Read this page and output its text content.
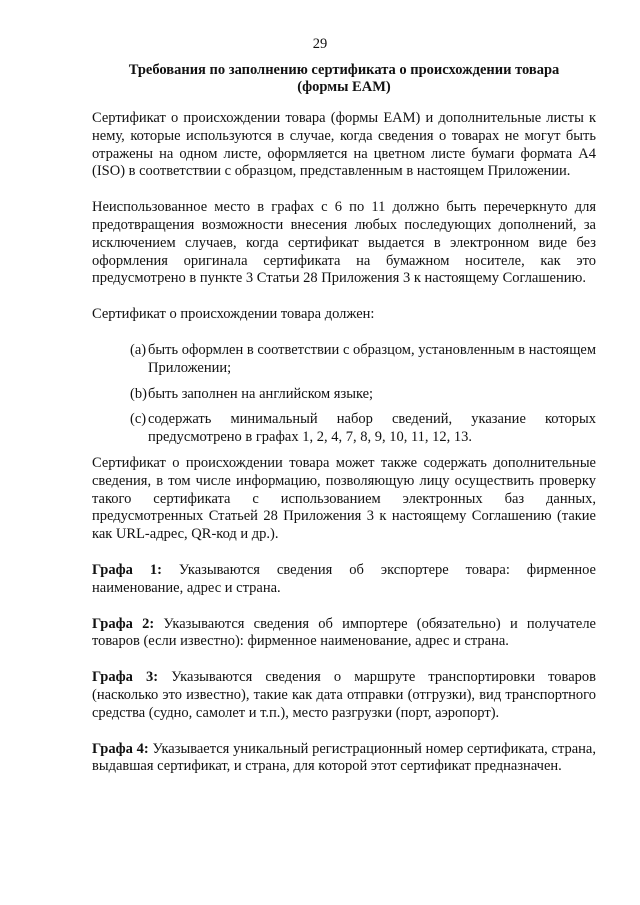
29
Требования по заполнению сертификата о происхождении товара
(формы EAM)

Сертификат о происхождении товара (формы EAM) и дополнительные листы к нему, которые используются в случае, когда сведения о товарах не могут быть отражены на одном листе, оформляется на цветном листе бумаги формата А4 (ISO) в соответствии с образцом, представленным в настоящем Приложении.

Неиспользованное место в графах с 6 по 11 должно быть перечеркнуто для предотвращения возможности внесения любых последующих дополнений, за исключением случаев, когда сертификат выдается в электронном виде без оформления оригинала сертификата на бумажном носителе, как это предусмотрено в пункте 3 Статьи 28 Приложения 3 к настоящему Соглашению.

Сертификат о происхождении товара должен:

(a) быть оформлен в соответствии с образцом, установленным в настоящем Приложении;
(b) быть заполнен на английском языке;
(c) содержать минимальный набор сведений, указание которых предусмотрено в графах 1, 2, 4, 7, 8, 9, 10, 11, 12, 13.

Сертификат о происхождении товара может также содержать дополнительные сведения, в том числе информацию, позволяющую лицу осуществить проверку такого сертификата с использованием электронных баз данных, предусмотренных Статьей 28 Приложения 3 к настоящему Соглашению (такие как URL-адрес, QR-код и др.).

Графа 1: Указываются сведения об экспортере товара: фирменное наименование, адрес и страна.

Графа 2: Указываются сведения об импортере (обязательно) и получателе товаров (если известно): фирменное наименование, адрес и страна.

Графа 3: Указываются сведения о маршруте транспортировки товаров (насколько это известно), такие как дата отправки (отгрузки), вид транспортного средства (судно, самолет и т.п.), место разгрузки (порт, аэропорт).

Графа 4: Указывается уникальный регистрационный номер сертификата, страна, выдавшая сертификат, и страна, для которой этот сертификат предназначен.
